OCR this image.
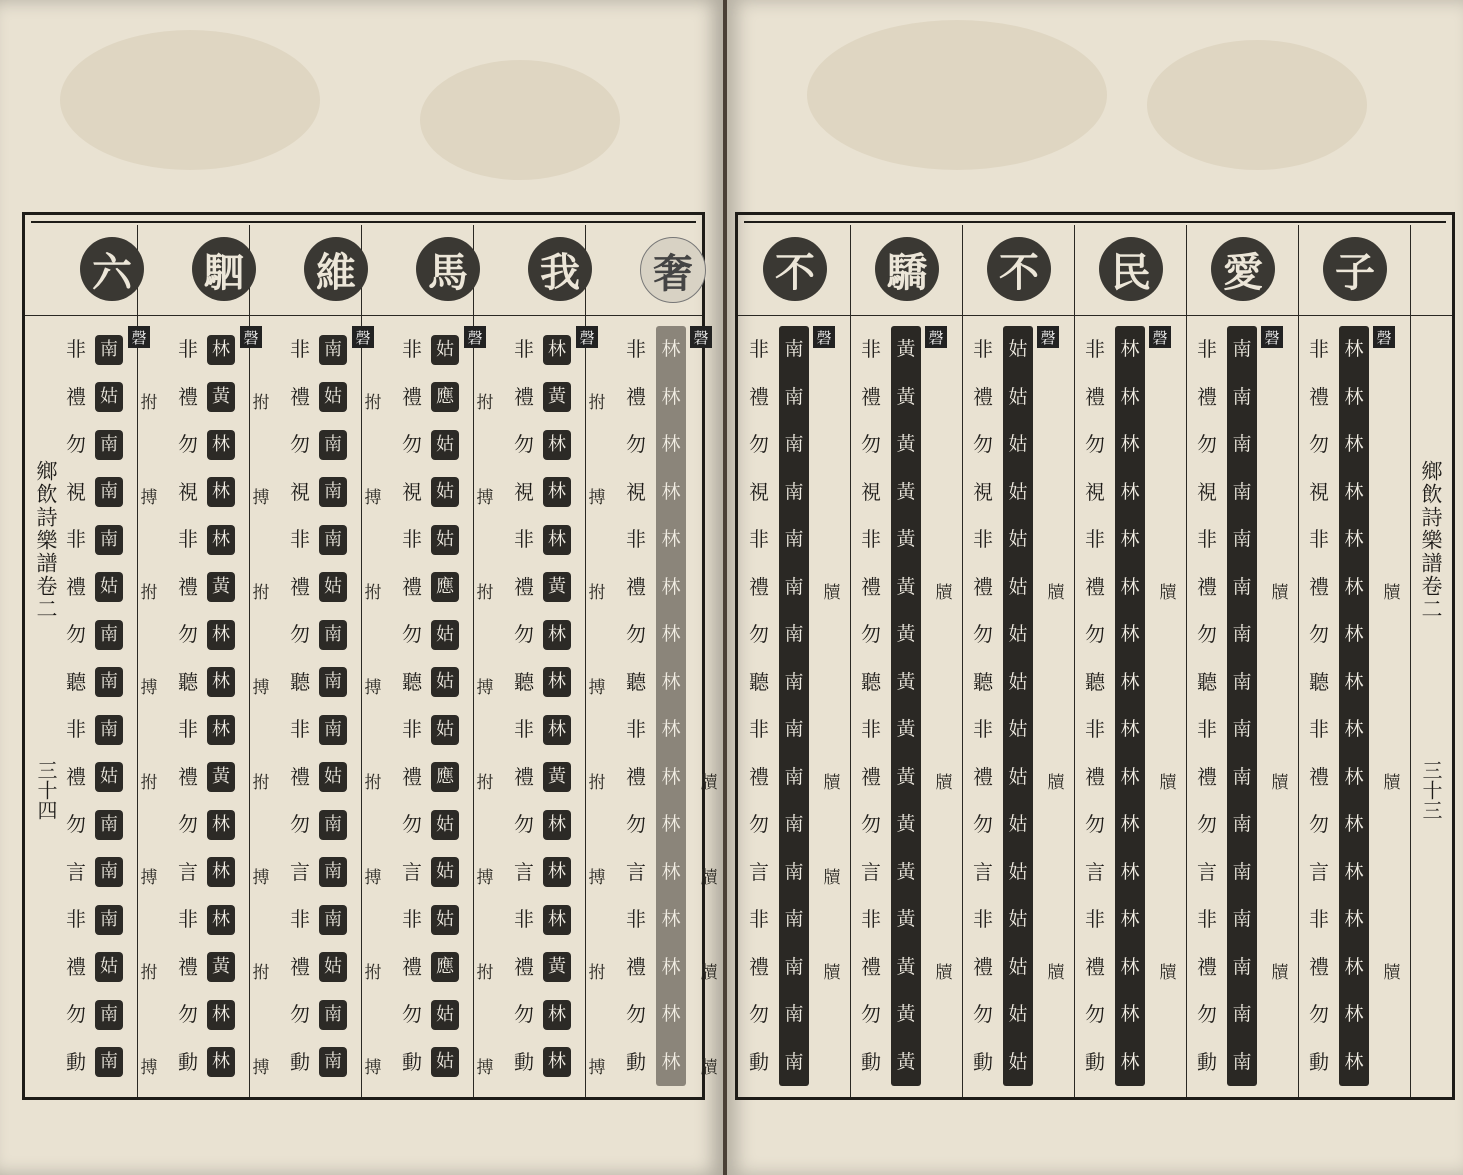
鄉飲詩樂譜卷二
三十四
六
非
禮
勿
視
非
禮
勿
聽
非
禮
勿
言
非
禮
勿
動
南
姑
南
南
南
姑
南
南
南
姑
南
南
南
姑
南
南
磬
拊
搏
拊
搏
拊
搏
拊
搏
駟
非
禮
勿
視
非
禮
勿
聽
非
禮
勿
言
非
禮
勿
動
林
黃
林
林
林
黃
林
林
林
黃
林
林
林
黃
林
林
磬
拊
搏
拊
搏
拊
搏
拊
搏
維
非
禮
勿
視
非
禮
勿
聽
非
禮
勿
言
非
禮
勿
動
南
姑
南
南
南
姑
南
南
南
姑
南
南
南
姑
南
南
磬
拊
搏
拊
搏
拊
搏
拊
搏
馬
非
禮
勿
視
非
禮
勿
聽
非
禮
勿
言
非
禮
勿
動
姑
應
姑
姑
姑
應
姑
姑
姑
應
姑
姑
姑
應
姑
姑
磬
拊
搏
拊
搏
拊
搏
拊
搏
我
非
禮
勿
視
非
禮
勿
聽
非
禮
勿
言
非
禮
勿
動
林
黃
林
林
林
黃
林
林
林
黃
林
林
林
黃
林
林
磬
拊
搏
拊
搏
拊
搏
拊
搏
奢
非
禮
勿
視
非
禮
勿
聽
非
禮
勿
言
非
禮
勿
動
林
林
林
林
林
林
林
林
林
林
林
林
林
林
林
林
磬
牘
牘
牘
牘
鄉飲詩樂譜卷二
三十三
不
非
禮
勿
視
非
禮
勿
聽
非
禮
勿
言
非
禮
勿
動
南
南
南
南
南
南
南
南
南
南
南
南
南
南
南
南
磬
牘
牘
牘
牘
驕
非
禮
勿
視
非
禮
勿
聽
非
禮
勿
言
非
禮
勿
動
黃
黃
黃
黃
黃
黃
黃
黃
黃
黃
黃
黃
黃
黃
黃
黃
磬
牘
牘
牘
不
非
禮
勿
視
非
禮
勿
聽
非
禮
勿
言
非
禮
勿
動
姑
姑
姑
姑
姑
姑
姑
姑
姑
姑
姑
姑
姑
姑
姑
姑
磬
牘
牘
牘
民
非
禮
勿
視
非
禮
勿
聽
非
禮
勿
言
非
禮
勿
動
林
林
林
林
林
林
林
林
林
林
林
林
林
林
林
林
磬
牘
牘
牘
愛
非
禮
勿
視
非
禮
勿
聽
非
禮
勿
言
非
禮
勿
動
南
南
南
南
南
南
南
南
南
南
南
南
南
南
南
南
磬
牘
牘
牘
子
非
禮
勿
視
非
禮
勿
聽
非
禮
勿
言
非
禮
勿
動
林
林
林
林
林
林
林
林
林
林
林
林
林
林
林
林
磬
牘
牘
牘
